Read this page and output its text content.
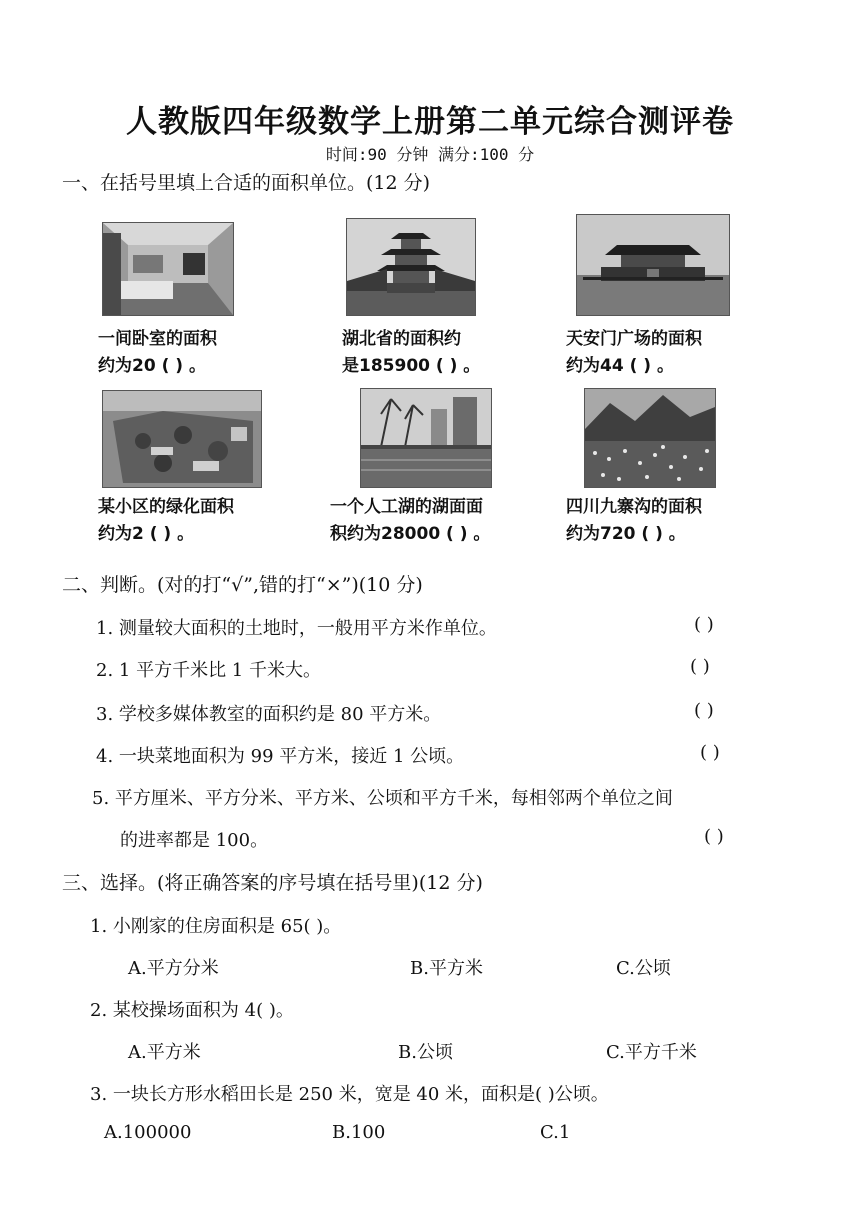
人教版四年级数学上册第二单元综合测评卷
时间:90 分钟 满分:100 分
一、在括号里填上合适的面积单位。(12 分)
一间卧室的面积
约为20 ( ) 。
湖北省的面积约
是185900 ( ) 。
天安门广场的面积
约为44 ( ) 。
某小区的绿化面积
约为2 ( ) 。
一个人工湖的湖面面
积约为28000 ( ) 。
四川九寨沟的面积
约为720 ( ) 。
二、判断。(对的打“√”,错的打“×”)(10 分)
1. 测量较大面积的土地时，一般用平方米作单位。	( )
2. 1 平方千米比 1 千米大。	( )
3. 学校多媒体教室的面积约是 80 平方米。	( )
4. 一块菜地面积为 99 平方米，接近 1 公顷。	( )
5. 平方厘米、平方分米、平方米、公顷和平方千米，每相邻两个单位之间
的进率都是 100。	( )
三、选择。(将正确答案的序号填在括号里)(12 分)
1. 小刚家的住房面积是 65( )。
A.平方分米	B.平方米	C.公顷
2. 某校操场面积为 4( )。
A.平方米	B.公顷	C.平方千米
3. 一块长方形水稻田长是 250 米，宽是 40 米，面积是( )公顷。
A.100000	B.100	C.1
